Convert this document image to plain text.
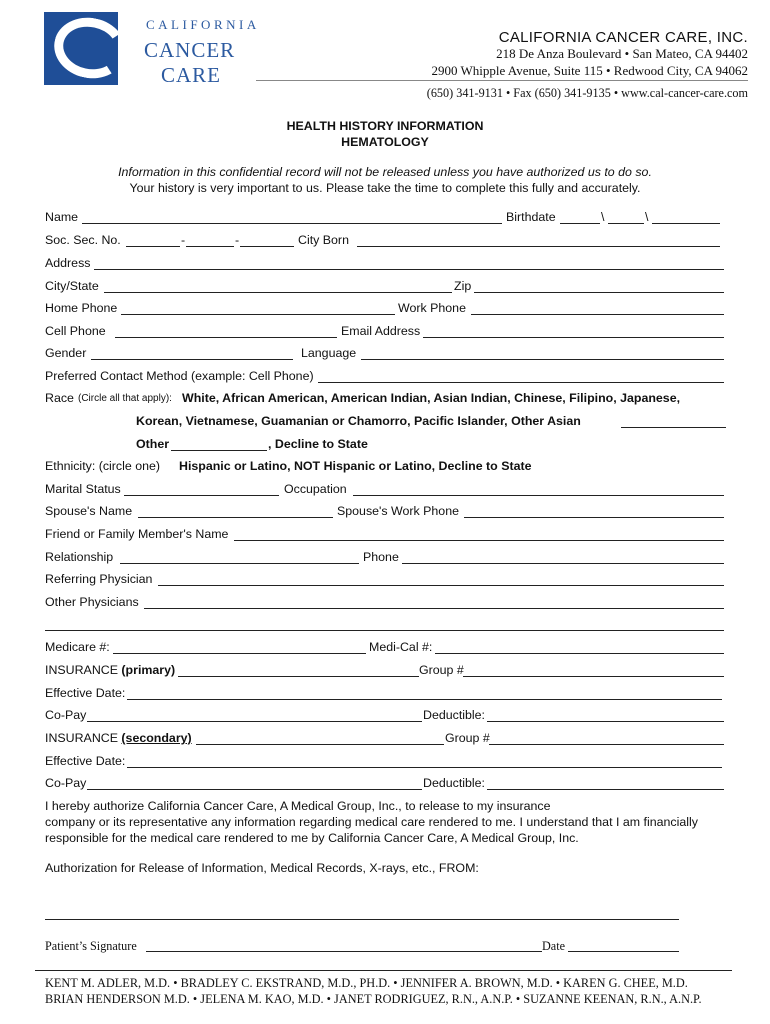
CALIFORNIA
CANCER
CARE
CALIFORNIA CANCER CARE, INC.
218 De Anza Boulevard • San Mateo, CA 94402
2900 Whipple Avenue, Suite 115 • Redwood City, CA 94062
(650) 341-9131 • Fax (650) 341-9135 • www.cal-cancer-care.com
HEALTH HISTORY INFORMATION
HEMATOLOGY
Information in this confidential record will not be released unless you have authorized us to do so.
Your history is very important to us. Please take the time to complete this fully and accurately.
Name	Birthdate	\	\
Soc. Sec. No.	-	-	City Born
Address
City/State	Zip
Home Phone	Work Phone
Cell Phone	Email Address
Gender	Language
Preferred Contact Method (example: Cell Phone)
Race (Circle all that apply): White, African American, American Indian, Asian Indian, Chinese, Filipino, Japanese,
Korean, Vietnamese, Guamanian or Chamorro, Pacific Islander, Other Asian
Other	, Decline to State
Ethnicity: (circle one) Hispanic or Latino, NOT Hispanic or Latino, Decline to State
Marital Status	Occupation
Spouse's Name	Spouse's Work Phone
Friend or Family Member's Name
Relationship	Phone
Referring Physician
Other Physicians
Medicare #:	Medi-Cal #:
INSURANCE (primary)	Group #
Effective Date:
Co-Pay	Deductible:
INSURANCE (secondary)	Group #
Effective Date:
Co-Pay	Deductible:
I hereby authorize California Cancer Care, A Medical Group, Inc., to release to my insurance
company or its representative any information regarding medical care rendered to me. I understand that I am financially
responsible for the medical care rendered to me by California Cancer Care, A Medical Group, Inc.
Authorization for Release of Information, Medical Records, X-rays, etc., FROM:
Patient’s Signature	Date
KENT M. ADLER, M.D. • BRADLEY C. EKSTRAND, M.D., PH.D. • JENNIFER A. BROWN, M.D. • KAREN G. CHEE, M.D.
BRIAN HENDERSON M.D. • JELENA M. KAO, M.D. • JANET RODRIGUEZ, R.N., A.N.P. • SUZANNE KEENAN, R.N., A.N.P.
